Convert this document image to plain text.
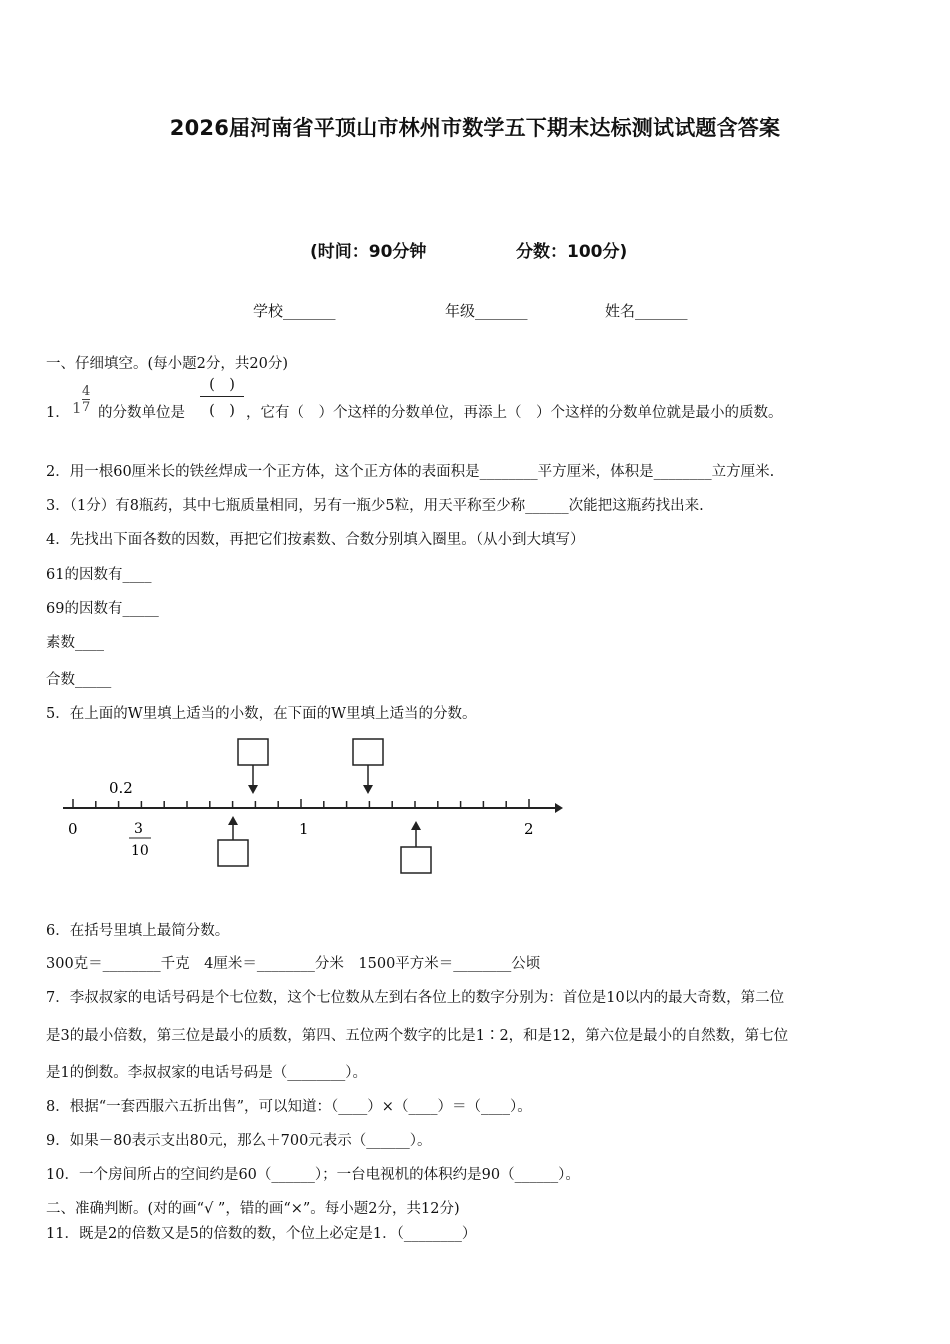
2026届河南省平顶山市林州市数学五下期末达标测试试题含答案
(时间：90分钟	分数：100分)
学校_______	年级_______	姓名_______
一、仔细填空。(每小题2分，共20分)
1． $1 \frac{4}{7}$ 的分数单位是
(　)
(　) ，它有（　）个这样的分数单位，再添上（　）个这样的分数单位就是最小的质数。
2．用一根60厘米长的铁丝焊成一个正方体，这个正方体的表面积是________平方厘米，体积是________立方厘米.
3．（1分）有8瓶药，其中七瓶质量相同，另有一瓶少5粒，用天平称至少称______次能把这瓶药找出来.
4．先找出下面各数的因数，再把它们按素数、合数分别填入圈里。（从小到大填写）
61的因数有____
69的因数有_____
素数____
合数_____
5．在上面的W里填上适当的小数，在下面的W里填上适当的分数。
0.2
0	1	2
3
10
6．在括号里填上最简分数。
300克＝________千克　4厘米＝________分米　1500平方米＝________公顷
7．李叔叔家的电话号码是个七位数，这个七位数从左到右各位上的数字分别为：首位是10以内的最大奇数，第二位
是3的最小倍数，第三位是最小的质数，第四、五位两个数字的比是1∶2，和是12，第六位是最小的自然数，第七位
是1的倒数。李叔叔家的电话号码是（________）。
8．根据“一套西服六五折出售”，可以知道：（____）×（____）＝（____）。
9．如果－80表示支出80元，那么＋700元表示（______）。
10．一个房间所占的空间约是60（______）；一台电视机的体积约是90（______）。
二、准确判断。(对的画“√ ”，错的画“×”。每小题2分，共12分)
11．既是2的倍数又是5的倍数的数，个位上必定是1．（________）
